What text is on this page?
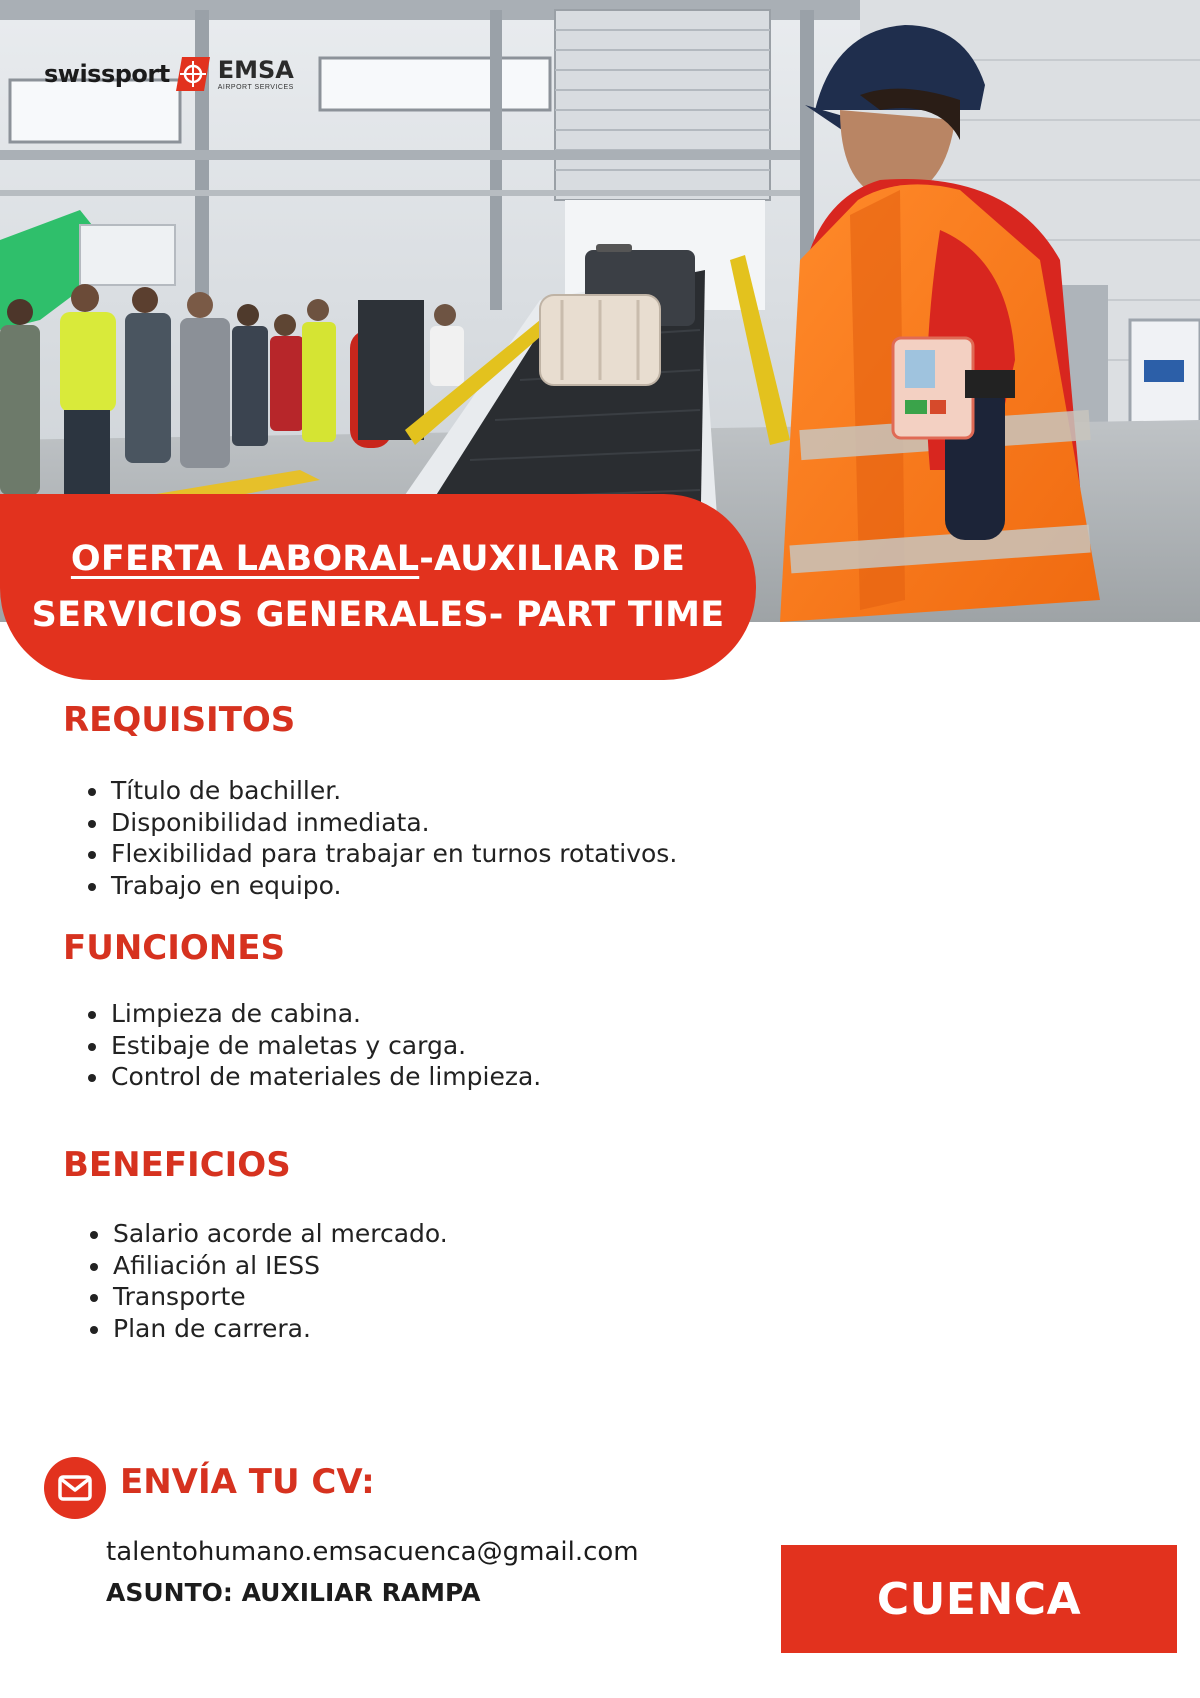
swissport EMSA
AIRPORT SERVICES
OFERTA LABORAL-AUXILIAR DE
SERVICIOS GENERALES- PART TIME
REQUISITOS
Título de bachiller.
Disponibilidad inmediata.
Flexibilidad para trabajar en turnos rotativos.
Trabajo en equipo.
FUNCIONES
Limpieza de cabina.
Estibaje de maletas y carga.
Control de materiales de limpieza.
BENEFICIOS
Salario acorde al mercado.
Afiliación al IESS
Transporte
Plan de carrera.
ENVÍA TU CV:
talentohumano.emsacuenca@gmail.com
ASUNTO: AUXILIAR RAMPA	CUENCA
